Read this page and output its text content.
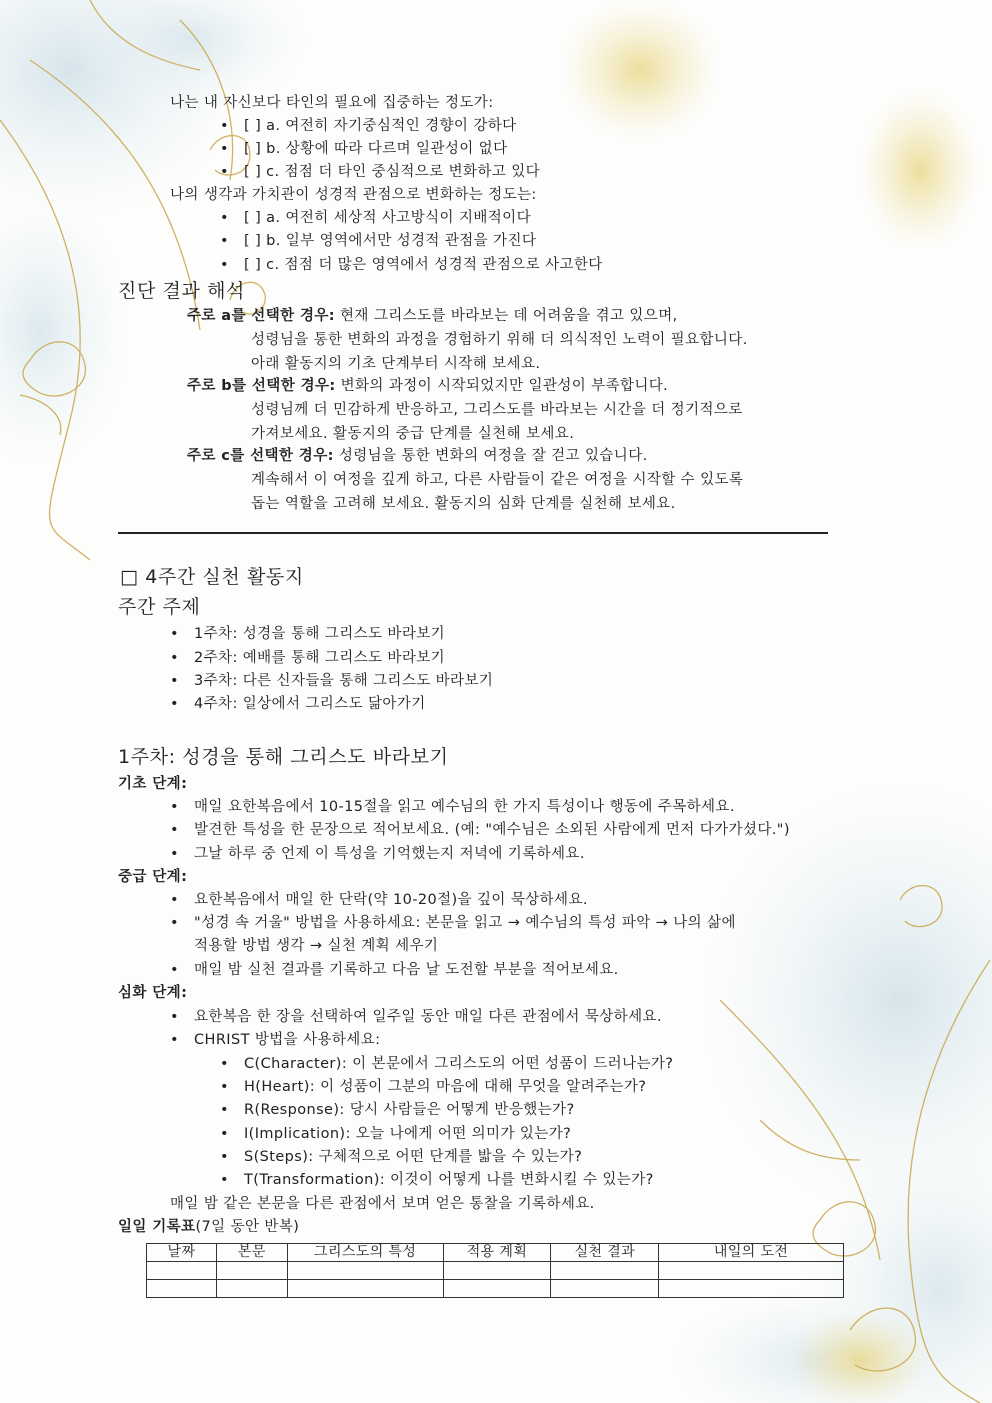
나는 내 자신보다 타인의 필요에 집중하는 정도가:
• [ ] a. 여전히 자기중심적인 경향이 강하다
• [ ] b. 상황에 따라 다르며 일관성이 없다
• [ ] c. 점점 더 타인 중심적으로 변화하고 있다
나의 생각과 가치관이 성경적 관점으로 변화하는 정도는:
• [ ] a. 여전히 세상적 사고방식이 지배적이다
• [ ] b. 일부 영역에서만 성경적 관점을 가진다
• [ ] c. 점점 더 많은 영역에서 성경적 관점으로 사고한다
진단 결과 해석
주로 a를 선택한 경우: 현재 그리스도를 바라보는 데 어려움을 겪고 있으며,
성령님을 통한 변화의 과정을 경험하기 위해 더 의식적인 노력이 필요합니다.
아래 활동지의 기초 단계부터 시작해 보세요.
주로 b를 선택한 경우: 변화의 과정이 시작되었지만 일관성이 부족합니다.
성령님께 더 민감하게 반응하고, 그리스도를 바라보는 시간을 더 정기적으로
가져보세요. 활동지의 중급 단계를 실천해 보세요.
주로 c를 선택한 경우: 성령님을 통한 변화의 여정을 잘 걷고 있습니다.
계속해서 이 여정을 깊게 하고, 다른 사람들이 같은 여정을 시작할 수 있도록
돕는 역할을 고려해 보세요. 활동지의 심화 단계를 실천해 보세요.
□ 4주간 실천 활동지
주간 주제
• 1주차: 성경을 통해 그리스도 바라보기
• 2주차: 예배를 통해 그리스도 바라보기
• 3주차: 다른 신자들을 통해 그리스도 바라보기
• 4주차: 일상에서 그리스도 닮아가기
1주차: 성경을 통해 그리스도 바라보기
기초 단계:
• 매일 요한복음에서 10-15절을 읽고 예수님의 한 가지 특성이나 행동에 주목하세요.
• 발견한 특성을 한 문장으로 적어보세요. (예: "예수님은 소외된 사람에게 먼저 다가가셨다.")
• 그날 하루 중 언제 이 특성을 기억했는지 저녁에 기록하세요.
중급 단계:
• 요한복음에서 매일 한 단락(약 10-20절)을 깊이 묵상하세요.
• "성경 속 거울" 방법을 사용하세요: 본문을 읽고 → 예수님의 특성 파악 → 나의 삶에
적용할 방법 생각 → 실천 계획 세우기
• 매일 밤 실천 결과를 기록하고 다음 날 도전할 부분을 적어보세요.
심화 단계:
• 요한복음 한 장을 선택하여 일주일 동안 매일 다른 관점에서 묵상하세요.
• CHRIST 방법을 사용하세요:
• C(Character): 이 본문에서 그리스도의 어떤 성품이 드러나는가?
• H(Heart): 이 성품이 그분의 마음에 대해 무엇을 알려주는가?
• R(Response): 당시 사람들은 어떻게 반응했는가?
• I(Implication): 오늘 나에게 어떤 의미가 있는가?
• S(Steps): 구체적으로 어떤 단계를 밟을 수 있는가?
• T(Transformation): 이것이 어떻게 나를 변화시킬 수 있는가?
매일 밤 같은 본문을 다른 관점에서 보며 얻은 통찰을 기록하세요.
일일 기록표(7일 동안 반복)
날짜	본문	그리스도의 특성	적용 계획	실천 결과	내일의 도전
